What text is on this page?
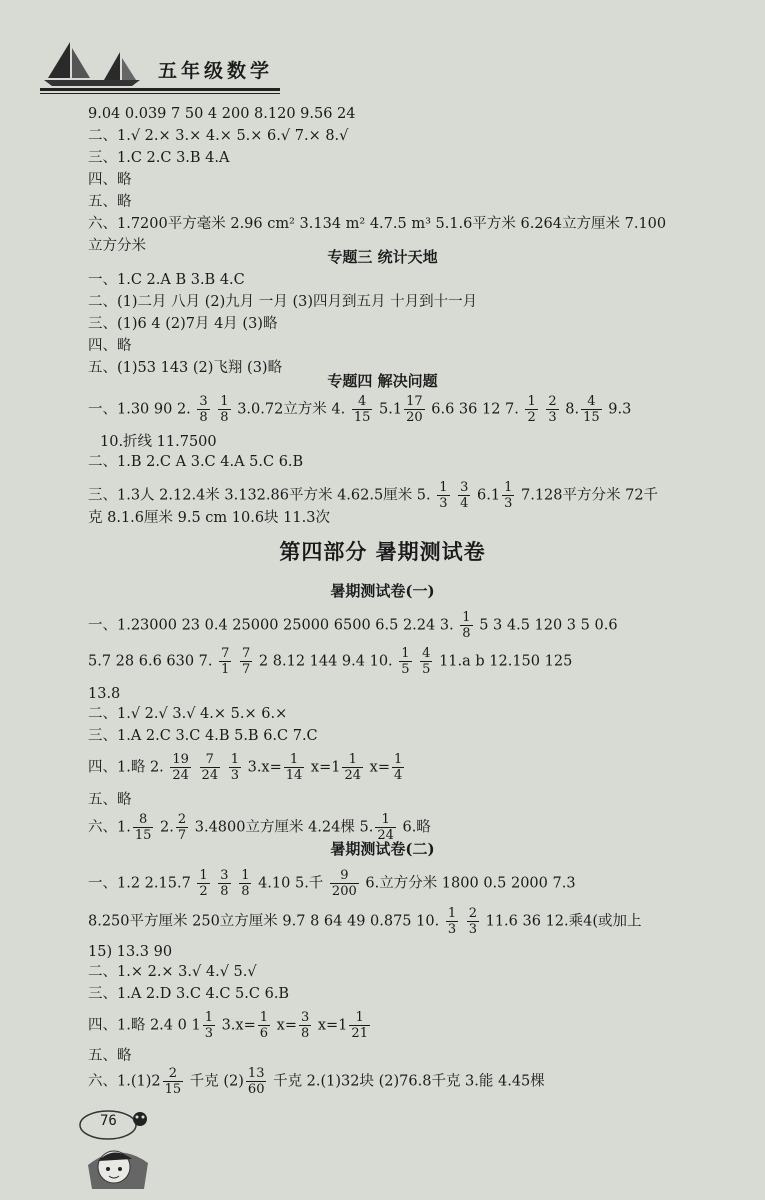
五年级数学
9.04 0.039 7 50 4 200 8.120 9.56 24
二、1.√ 2.× 3.× 4.× 5.× 6.√ 7.× 8.√
三、1.C 2.C 3.B 4.A
四、略
五、略
六、1.7200平方毫米 2.96 cm² 3.134 m² 4.7.5 m³ 5.1.6平方米 6.264立方厘米 7.100
立方分米
专题三 统计天地
一、1.C 2.A B 3.B 4.C
二、(1)二月 八月 (2)九月 一月 (3)四月到五月 十月到十一月
三、(1)6 4 (2)7月 4月 (3)略
四、略
五、(1)53 143 (2)飞翔 (3)略
专题四 解决问题
一、1.30 90 2. $\frac{3}{8}$
$\frac{1}{8} 3.0.72$立方米 4. $\frac{4}{15} 5.1 \frac{17}{20} 6.6$ 36 12 7. $\frac{1}{2}$
$\frac{2}{3} 8$. $\frac{4}{15} 9.3$
10.折线 11.7500
二、1.B 2.C A 3.C 4.A 5.C 6.B
三、1.3人 2.12.4米 3.132.86平方米 4.62.5厘米 5. $\frac{1}{3}$
$\frac{3}{4} 6.1 \frac{1}{3} 7.128$平方分米 72千
克 8.1.6厘米 9.5 cm 10.6块 11.3次
第四部分 暑期测试卷
暑期测试卷(一)
一、1.23000 23 0.4 25000 25000 6500 6.5 2.24 3. $\frac{1}{8} 5$ 3 4.5 120 3 5 0.6
5.7 28 6.6 630 7. $\frac{7}{1}$
$\frac{7}{7} 2$ 8.12 144 9.4 10. $\frac{1}{5}$
$\frac{4}{5} 11.a$ b 12.150 125
13.8
二、1.√ 2.√ 3.√ 4.× 5.× 6.×
三、1.A 2.C 3.C 4.B 5.B 6.C 7.C
四、1.略 2. $\frac{19}{24}$
$\frac{7}{24}$
$\frac{1}{3} 3.x= \frac{1}{14} x=1 \frac{1}{24} x= \frac{1}{4}$
五、略
六、1. $\frac{8}{15} 2$. $\frac{2}{7} 3.4800$立方厘米 4.24棵 5. $\frac{1}{24} 6$.略
暑期测试卷(二)
一、1.2 $2.15.7 \frac{1}{2}$
$\frac{3}{8}$
$\frac{1}{8} 4.10$ 5.千 $\frac{9}{200} 6$.立方分米 1800 0.5 2000 7.3
8.250平方厘米 250立方厘米 9.7 8 64 49 0.875 10. $\frac{1}{3}$
$\frac{2}{3} 11.6$ 36 12.乘4(或加上
15) 13.3 90
二、1.× 2.× 3.√ 4.√ 5.√
三、1.A 2.D 3.C 4.C 5.C 6.B
四、1.略 2.4 0 $1 \frac{1}{3} 3.x= \frac{1}{6} x= \frac{3}{8} x=1 \frac{1}{21}$
五、略
六、$1.(1)2 \frac{2}{15}$ 千克 $(2) \frac{13}{60}$ 千克 2.(1)32块 (2)76.8千克 3.能 4.45棵
76
